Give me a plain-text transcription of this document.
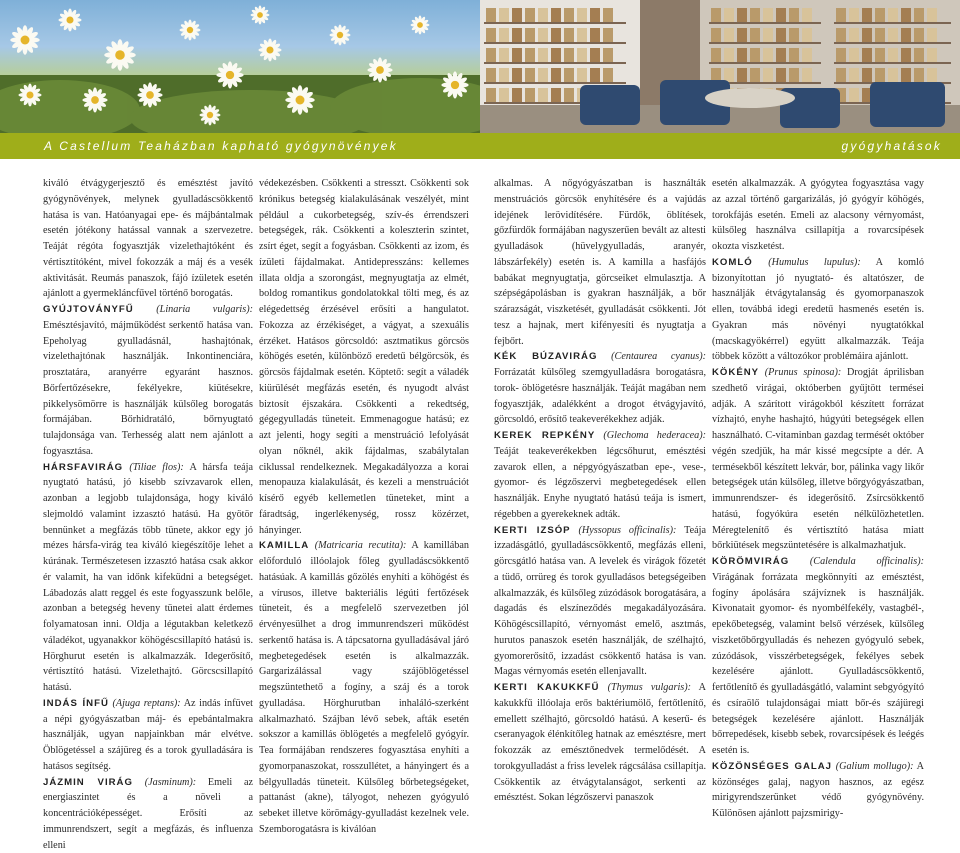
A Castellum Teaházban kapható gyógynövények	gyógyhatások

kiváló étvágygerjesztő és emésztést javító gyógynövények, melynek gyulladáscsökkentő hatása is van. Hatóanyagai epe- és májbántalmak esetén jótékony hatással vannak a szervezetre. Teáját régóta fogyasztják vizelethajtóként és vértisztítóként, mivel fokozzák a máj és a vesék aktivitását. Reumás panaszok, fájó ízületek esetén ajánlott a gyermekláncfűvel történő borogatás.

GYÚJTOVÁNYFŰ (Linaria vulgaris): Emésztésjavító, májműködést serkentő hatása van. Epeholyag gyulladásnál, hashajtónak, vizelethajtónak használják. Inkontinenciára, prosztatára, aranyérre egyaránt hasznos. Bőrfertőzésekre, fekélyekre, kiütésekre, pikkelysömörre is használják külsőleg borogatás formájában. Bőrhidratáló, bőrnyugtató tulajdonsága van. Terhesség alatt nem ajánlott a fogyasztása.

HÁRSFAVIRÁG (Tiliae flos): A hársfa teája nyugtató hatású, jó kisebb szívzavarok ellen, azonban a legjobb tulajdonsága, hogy kiváló slejmoldó valamint izzasztó hatású. Ha gyötör bennünket a megfázás több tünete, akkor egy jó mézes hársfa-virág tea kiváló kiegészítője lehet a kúrának. Természetesen izzasztó hatása csak akkor ér valamit, ha van időnk kifeküdni a betegséget. Lábadozás alatt reggel és este fogyasszunk belőle, azonban a betegség heveny tünetei alatt érdemes folyamatosan inni. Oldja a légutakban keletkező váladékot, ugyanakkor köhögéscsillapító hatású is. Hörghurut esetén is alkalmazzák. Idegerősítő, vértisztító hatású. Vizelethajtó. Görcscsillapító hatású.

INDÁS ÍNFŰ (Ajuga reptans): Az indás ínfüvet a népi gyógyászatban máj- és epebántalmakra használják, ugyan napjainkban már elvétve. Öblögetéssel a szájüreg és a torok gyulladására is hatásos segítség.

JÁZMIN VIRÁG (Jasminum): Emeli az energiaszintet és a növeli a koncentrációképességet. Erősíti az immunrendszert, segít a megfázás, és influenza elleni

védekezésben. Csökkenti a stresszt. Csökkenti sok krónikus betegség kialakulásának veszélyét, mint például a cukorbetegség, szív-és érrendszeri betegségek, rák. Csökkenti a koleszterin szintet, zsírt éget, segít a fogyásban. Csökkenti az izom, és ízületi fájdalmakat. Antidepresszáns: kellemes illata oldja a szorongást, megnyugtatja az elmét, boldog romantikus gondolatokkal tölti meg, és az elégedettség érzésével erősíti a hangulatot. Fokozza az érzékiséget, a vágyat, a szexuális érzéket. Hatásos görcsoldó: asztmatikus görcsös köhögés esetén, különböző eredetű bélgörcsök, és görcsös fájdalmak esetén. Köptető: segít a váladék kiürülését megfázás esetén, és nyugodt alvást biztosít éjszakára. Csökkenti a rekedtség, gégegyulladás tüneteit. Emmenagogue hatású; ez azt jelenti, hogy segíti a menstruáció lefolyását olyan nőknél, akik fájdalmas, szabálytalan ciklussal rendelkeznek. Megakadályozza a korai menopauza kialakulását, és kezeli a menstruációt kísérő egyéb kellemetlen tüneteket, mint a fáradtság, ingerlékenység, rossz közérzet, hányinger.

KAMILLA (Matricaria recutita): A kamillában előforduló illóolajok főleg gyulladáscsökkentő hatásúak. A kamillás gőzölés enyhíti a köhögést és a vírusos, illetve bakteriális légúti fertőzések tüneteit, és a megfelelő szervezetben jól érvényesülhet a drog immunrendszeri működést serkentő hatása is. A tápcsatorna gyulladásával járó megbetegedések esetén is alkalmazzák. Gargarizálással vagy szájöblögetéssel megszüntethető a fogíny, a száj és a torok gyulladása. Hörghurutban inhaláló-szerként alkalmazható. Szájban lévő sebek, afták esetén sokszor a kamillás öblögetés a megfelelő gyógyír. Tea formájában rendszeres fogyasztása enyhíti a gyomorpanaszokat, rosszullétet, a hányingert és a bélgyulladás tüneteit. Külsőleg bőrbetegségeket, pattanást (akne), tályogot, nehezen gyógyuló sebeket illetve körömágy-gyulladást kezelnek vele. Szemborogatásra is kiválóan

alkalmas. A nőgyógyászatban is használták menstruációs görcsök enyhítésére és a vajúdás idejének lerövidítésére. Fürdők, öblítések, gőzfürdők formájában nagyszerűen bevált az altesti gyulladások (hüvelygyulladás, aranyér, lábszárfekély) esetén is. A kamilla a hasfájós babákat megnyugtatja, görcseiket elmulasztja. A szépségápolásban is gyakran használják, a bőr szárazságát, viszketését, gyulladását csökkenti. Jót tesz a hajnak, mert kifényesíti és nyugtatja a fejbőrt.

KÉK BÚZAVIRÁG (Centaurea cyanus): Forrázatát külsőleg szemgyulladásra borogatásra, torok- öblögetésre használják. Teáját magában nem fogyasztják, adalékként a drogot étvágyjavító, görcsoldó, erősítő teakeverékekhez adják.

KEREK REPKÉNY (Glechoma hederacea): Teáját teakeverékekben légcsőhurut, emésztési zavarok ellen, a népgyógyászatban epe-, vese-, gyomor- és légzőszervi megbetegedések ellen használják. Enyhe nyugtató hatású teája is ismert, régebben a gyerekeknek adták.

KERTI IZSÓP (Hyssopus officinalis): Teája izzadásgátló, gyulladáscsökkentő, megfázás elleni, görcsgátló hatása van. A levelek és virágok főzetét a tüdő, orrüreg és torok gyulladásos betegségeiben alkalmazzák, és külsőleg zúzódások borogatására, a dagadás és elszíneződés megakadályozására. Köhögéscsillapító, vérnyomást emelő, asztmás, hurutos panaszok esetén használják, de szélhajtó, gyomorerősítő, izzadást csökkentő hatása is van. Magas vérnyomás esetén ellenjavallt.

KERTI KAKUKKFŰ (Thymus vulgaris): A kakukkfű illóolaja erős baktériumölő, fertőtlenítő, emellett szélhajtó, görcsoldó hatású. A keserű- és cseranyagok élénkítőleg hatnak az emésztésre, mert fokozzák az emésztőnedvek termelődését. A torokgyulladást a friss levelek rágcsálása csillapítja. Csökkentik az étvágytalanságot, serkenti az emésztést. Sokan légzőszervi panaszok

esetén alkalmazzák. A gyógytea fogyasztása vagy az azzal történő gargarizálás, jó gyógyír köhögés, torokfájás esetén. Emeli az alacsony vérnyomást, külsőleg használva csillapítja a rovarcsípések okozta viszketést.

KOMLÓ (Humulus lupulus): A komló bizonyítottan jó nyugtató- és altatószer, de használják étvágytalanság és gyomorpanaszok ellen, továbbá idegi eredetű hasmenés esetén is. Gyakran más növényi nyugtatókkal (macskagyökérrel) együtt alkalmazzák. Teája többek között a változókor problémáira ajánlott.

KÖKÉNY (Prunus spinosa): Drogját áprilisban szedhető virágai, októberben gyűjtött termései adják. A szárított virágokból készített forrázat vízhajtó, enyhe hashajtó, húgyúti betegségek ellen használható. C-vitaminban gazdag termését október végén szedjük, ha már kissé megcsípte a dér. A termésekből készített lekvár, bor, pálinka vagy likőr betegségek után külsőleg, illetve bőrgyógyászatban, immunrendszer- és idegerősítő. Zsírcsökkentő hatású, fogyókúra esetén nélkülözhetetlen. Méregtelenítő és vértisztító hatása miatt bőrkiütések megszüntetésére is alkalmazhatjuk.

KÖRÖMVIRÁG (Calendula officinalis): Virágának forrázata megkönnyíti az emésztést, fogíny ápolására szájvíznek is használják. Kivonatait gyomor- és nyombélfekély, vastagbél-, epekőbetegség, valamint belső vérzések, külsőleg viszketőbőrgyulladás és nehezen gyógyuló sebek, zúzódások, visszérbetegségek, fekélyes sebek kezelésére ajánlott. Gyulladáscsökkentő, fertőtlenítő és gyulladásgátló, valamint sebgyógyító és csíraölő tulajdonságai miatt bőr-és szájüregi betegségek kezelésére ajánlott. Használják bőrrepedések, kisebb sebek, rovarcsípések és leégés esetén is.

KÖZÖNSÉGES GALAJ (Galium mollugo): A közönséges galaj, nagyon hasznos, az egész mirigyrendszerünket védő gyógynövény. Különösen ajánlott pajzsmirigy-
